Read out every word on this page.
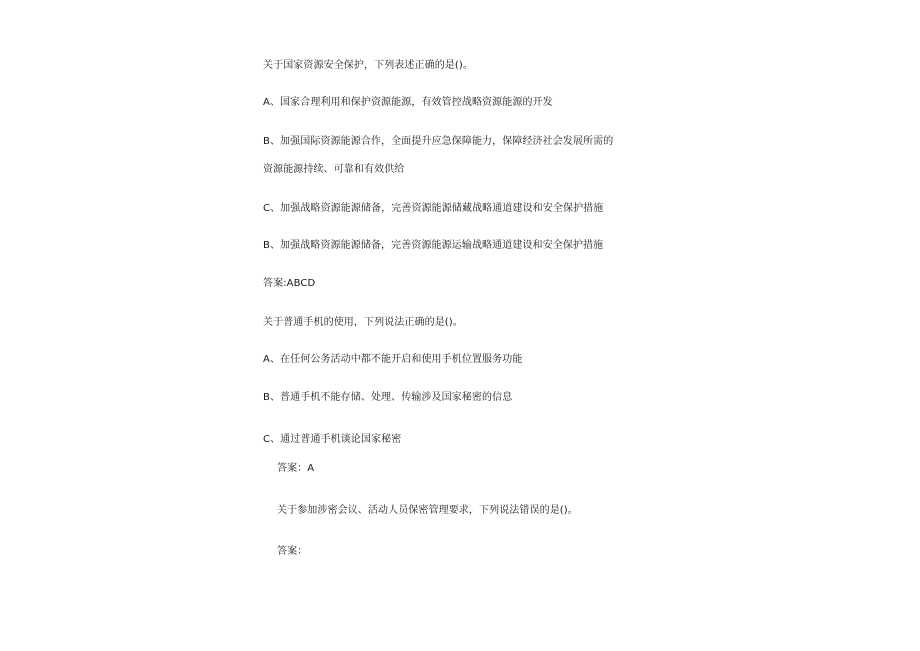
关于国家资源安全保护，下列表述正确的是()。
A、国家合理利用和保护资源能源，有效管控战略资源能源的开发
B、加强国际资源能源合作，全面提升应急保障能力，保障经济社会发展所需的
资源能源持续、可靠和有效供给
C、加强战略资源能源储备，完善资源能源储藏战略通道建设和安全保护措施
B、加强战略资源能源储备，完善资源能源运输战略通道建设和安全保护措施
答案:ABCD
关于普通手机的使用，下列说法正确的是()。
A、在任何公务活动中都不能开启和使用手机位置服务功能
B、普通手机不能存储、处理、传输涉及国家秘密的信息
C、通过普通手机谈论国家秘密
答案：A
关于参加涉密会议、活动人员保密管理要求，下列说法错误的是()。
答案：
